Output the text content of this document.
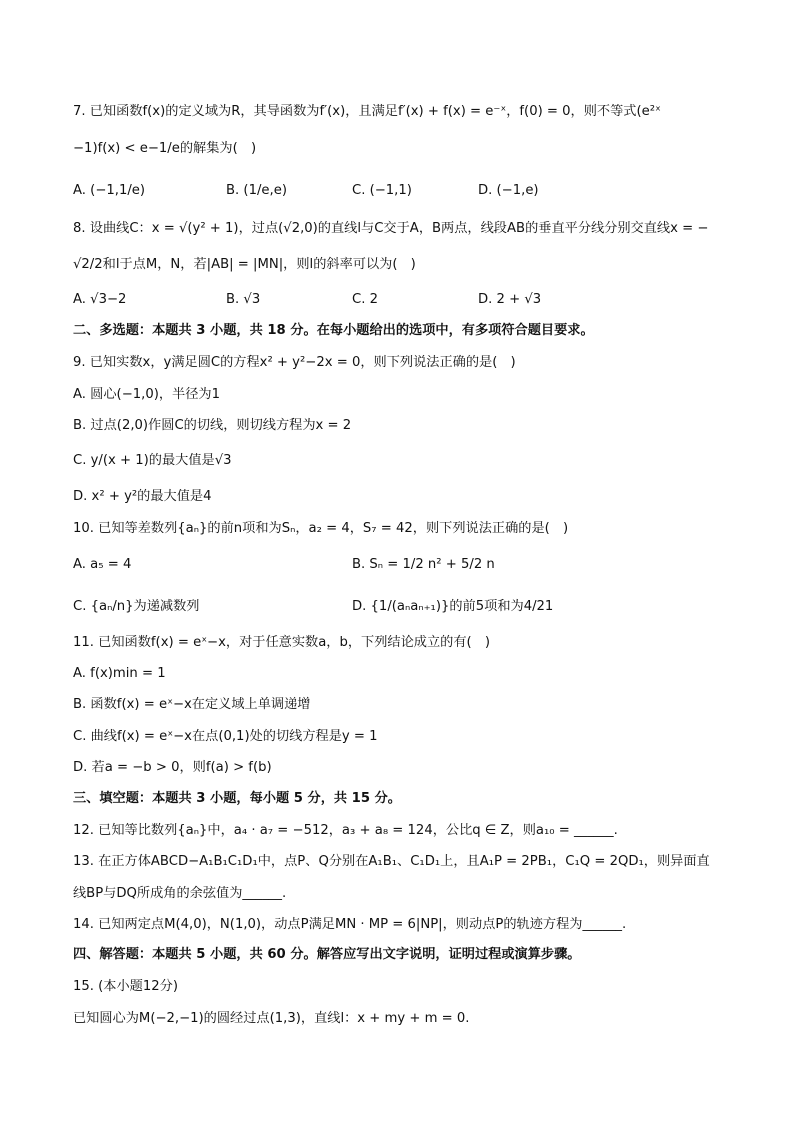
7. 已知函数f(x)的定义域为R，其导函数为f′(x)，且满足f′(x) + f(x) = e⁻ˣ，f(0) = 0，则不等式(e²ˣ
−1)f(x) < e−1/e的解集为(　)
A. (−1,1/e)	B. (1/e,e)	C. (−1,1)	D. (−1,e)
8. 设曲线C：x = √(y² + 1)，过点(√2,0)的直线l与C交于A，B两点，线段AB的垂直平分线分别交直线x = −
√2/2和l于点M，N，若|AB| = |MN|，则l的斜率可以为(　)
A. √3−2	B. √3	C. 2	D. 2 + √3
二、多选题：本题共 3 小题，共 18 分。在每小题给出的选项中，有多项符合题目要求。
9. 已知实数x，y满足圆C的方程x² + y²−2x = 0，则下列说法正确的是(　)
A. 圆心(−1,0)，半径为1
B. 过点(2,0)作圆C的切线，则切线方程为x = 2
C. y/(x + 1)的最大值是√3
D. x² + y²的最大值是4
10. 已知等差数列{aₙ}的前n项和为Sₙ，a₂ = 4，S₇ = 42，则下列说法正确的是(　)
A. a₅ = 4	B. Sₙ = 1/2 n² + 5/2 n
C. {aₙ/n}为递减数列	D. {1/(aₙaₙ₊₁)}的前5项和为4/21
11. 已知函数f(x) = eˣ−x，对于任意实数a，b，下列结论成立的有(　)
A. f(x)min = 1
B. 函数f(x) = eˣ−x在定义域上单调递增
C. 曲线f(x) = eˣ−x在点(0,1)处的切线方程是y = 1
D. 若a = −b > 0，则f(a) > f(b)
三、填空题：本题共 3 小题，每小题 5 分，共 15 分。
12. 已知等比数列{aₙ}中，a₄ · a₇ = −512，a₃ + a₈ = 124，公比q ∈ Z，则a₁₀ = ______.
13. 在正方体ABCD−A₁B₁C₁D₁中，点P、Q分别在A₁B₁、C₁D₁上，且A₁P = 2PB₁，C₁Q = 2QD₁，则异面直
线BP与DQ所成角的余弦值为______.
14. 已知两定点M(4,0)，N(1,0)，动点P满足MN · MP = 6|NP|，则动点P的轨迹方程为______.
四、解答题：本题共 5 小题，共 60 分。解答应写出文字说明，证明过程或演算步骤。
15. (本小题12分)
已知圆心为M(−2,−1)的圆经过点(1,3)，直线l：x + my + m = 0.
